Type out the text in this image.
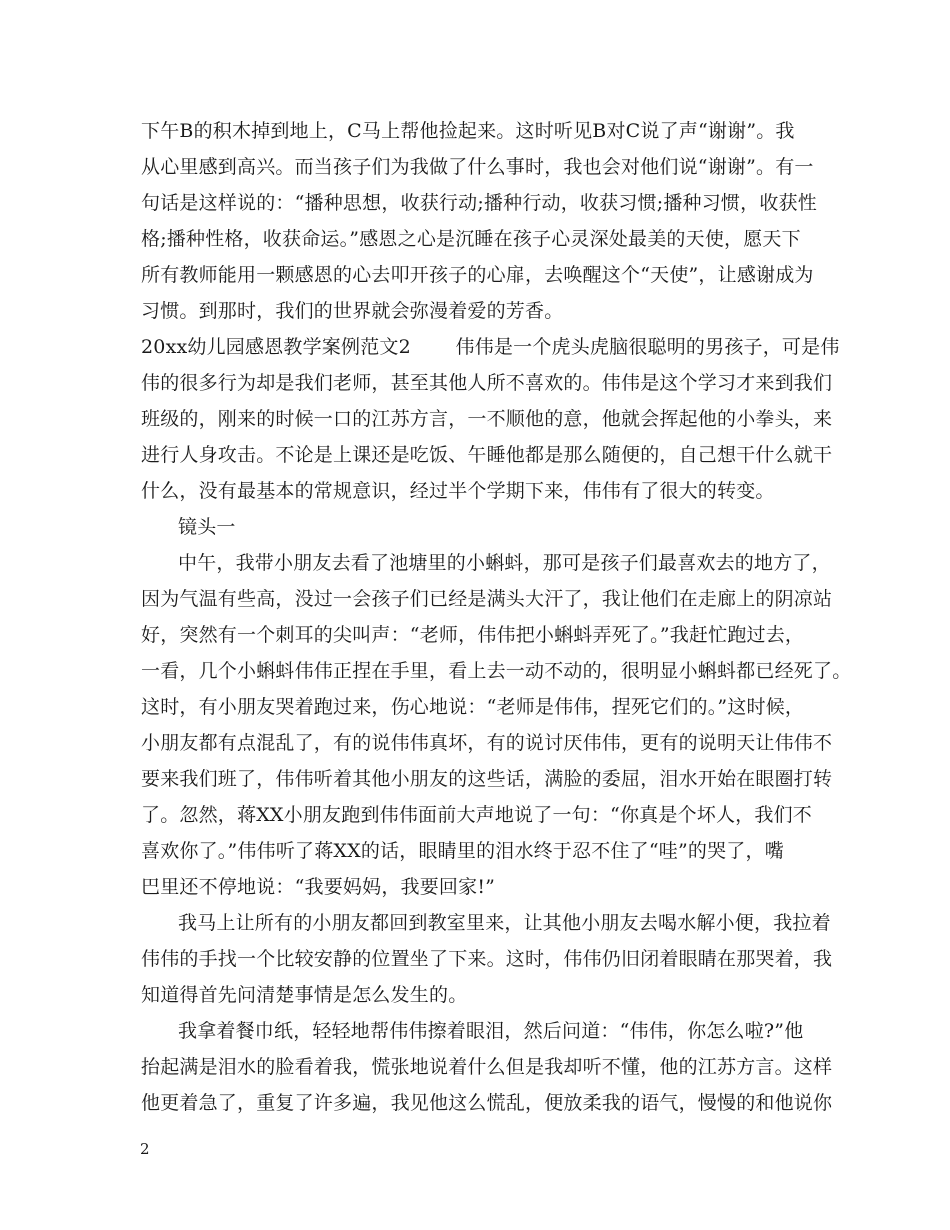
下午B的积木掉到地上，C马上帮他捡起来。这时听见B对C说了声“谢谢”。我
从心里感到高兴。而当孩子们为我做了什么事时，我也会对他们说“谢谢”。有一
句话是这样说的：“播种思想，收获行动;播种行动，收获习惯;播种习惯，收获性
格;播种性格，收获命运。”感恩之心是沉睡在孩子心灵深处最美的天使，愿天下
所有教师能用一颗感恩的心去叩开孩子的心扉，去唤醒这个“天使”，让感谢成为
习惯。到那时，我们的世界就会弥漫着爱的芳香。
20xx幼儿园感恩教学案例范文2　　 伟伟是一个虎头虎脑很聪明的男孩子，可是伟
伟的很多行为却是我们老师，甚至其他人所不喜欢的。伟伟是这个学习才来到我们
班级的，刚来的时候一口的江苏方言，一不顺他的意，他就会挥起他的小拳头，来
进行人身攻击。不论是上课还是吃饭、午睡他都是那么随便的，自己想干什么就干
什么，没有最基本的常规意识，经过半个学期下来，伟伟有了很大的转变。
镜头一
中午，我带小朋友去看了池塘里的小蝌蚪，那可是孩子们最喜欢去的地方了，
因为气温有些高，没过一会孩子们已经是满头大汗了，我让他们在走廊上的阴凉站
好，突然有一个刺耳的尖叫声：“老师，伟伟把小蝌蚪弄死了。”我赶忙跑过去，
一看，几个小蝌蚪伟伟正捏在手里，看上去一动不动的，很明显小蝌蚪都已经死了。
这时，有小朋友哭着跑过来，伤心地说：“老师是伟伟，捏死它们的。”这时候，
小朋友都有点混乱了，有的说伟伟真坏，有的说讨厌伟伟，更有的说明天让伟伟不
要来我们班了，伟伟听着其他小朋友的这些话，满脸的委屈，泪水开始在眼圈打转
了。忽然，蒋XX小朋友跑到伟伟面前大声地说了一句：“你真是个坏人，我们不
喜欢你了。”伟伟听了蒋XX的话，眼睛里的泪水终于忍不住了“哇”的哭了，嘴
巴里还不停地说：“我要妈妈，我要回家!”
我马上让所有的小朋友都回到教室里来，让其他小朋友去喝水解小便，我拉着
伟伟的手找一个比较安静的位置坐了下来。这时，伟伟仍旧闭着眼睛在那哭着，我
知道得首先问清楚事情是怎么发生的。
我拿着餐巾纸，轻轻地帮伟伟擦着眼泪，然后问道：“伟伟，你怎么啦?”他
抬起满是泪水的脸看着我，慌张地说着什么但是我却听不懂，他的江苏方言。这样
他更着急了，重复了许多遍，我见他这么慌乱，便放柔我的语气，慢慢的和他说你
2
